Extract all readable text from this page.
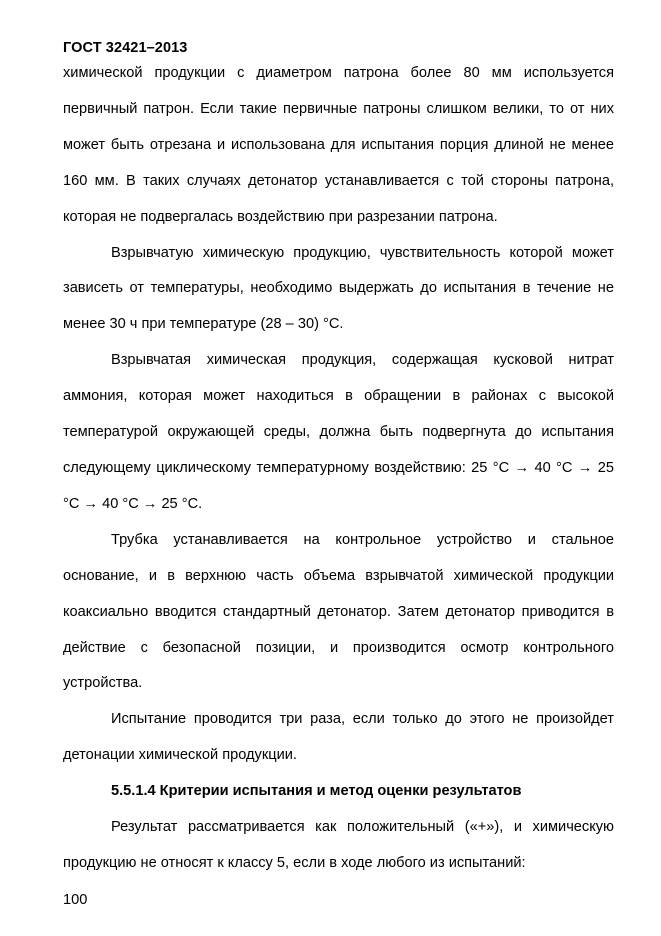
ГОСТ 32421–2013

химической продукции с диаметром патрона более 80 мм используется первичный патрон. Если такие первичные патроны слишком велики, то от них может быть отрезана и использована для испытания порция длиной не менее 160 мм. В таких случаях детонатор устанавливается с той стороны патрона, которая не подвергалась воздействию при разрезании патрона.

Взрывчатую химическую продукцию, чувствительность которой может зависеть от температуры, необходимо выдержать до испытания в течение не менее 30 ч при температуре (28 – 30) °С.

Взрывчатая химическая продукция, содержащая кусковой нитрат аммония, которая может находиться в обращении в районах с высокой температурой окружающей среды, должна быть подвергнута до испытания следующему циклическому температурному воздействию: 25 °С → 40 °С → 25 °С → 40 °С → 25 °С.

Трубка устанавливается на контрольное устройство и стальное основание, и в верхнюю часть объема взрывчатой химической продукции коаксиально вводится стандартный детонатор. Затем детонатор приводится в действие с безопасной позиции, и производится осмотр контрольного устройства.

Испытание проводится три раза, если только до этого не произойдет детонации химической продукции.

5.5.1.4 Критерии испытания и метод оценки результатов

Результат рассматривается как положительный («+»), и химическую продукцию не относят к классу 5, если в ходе любого из испытаний:

100
